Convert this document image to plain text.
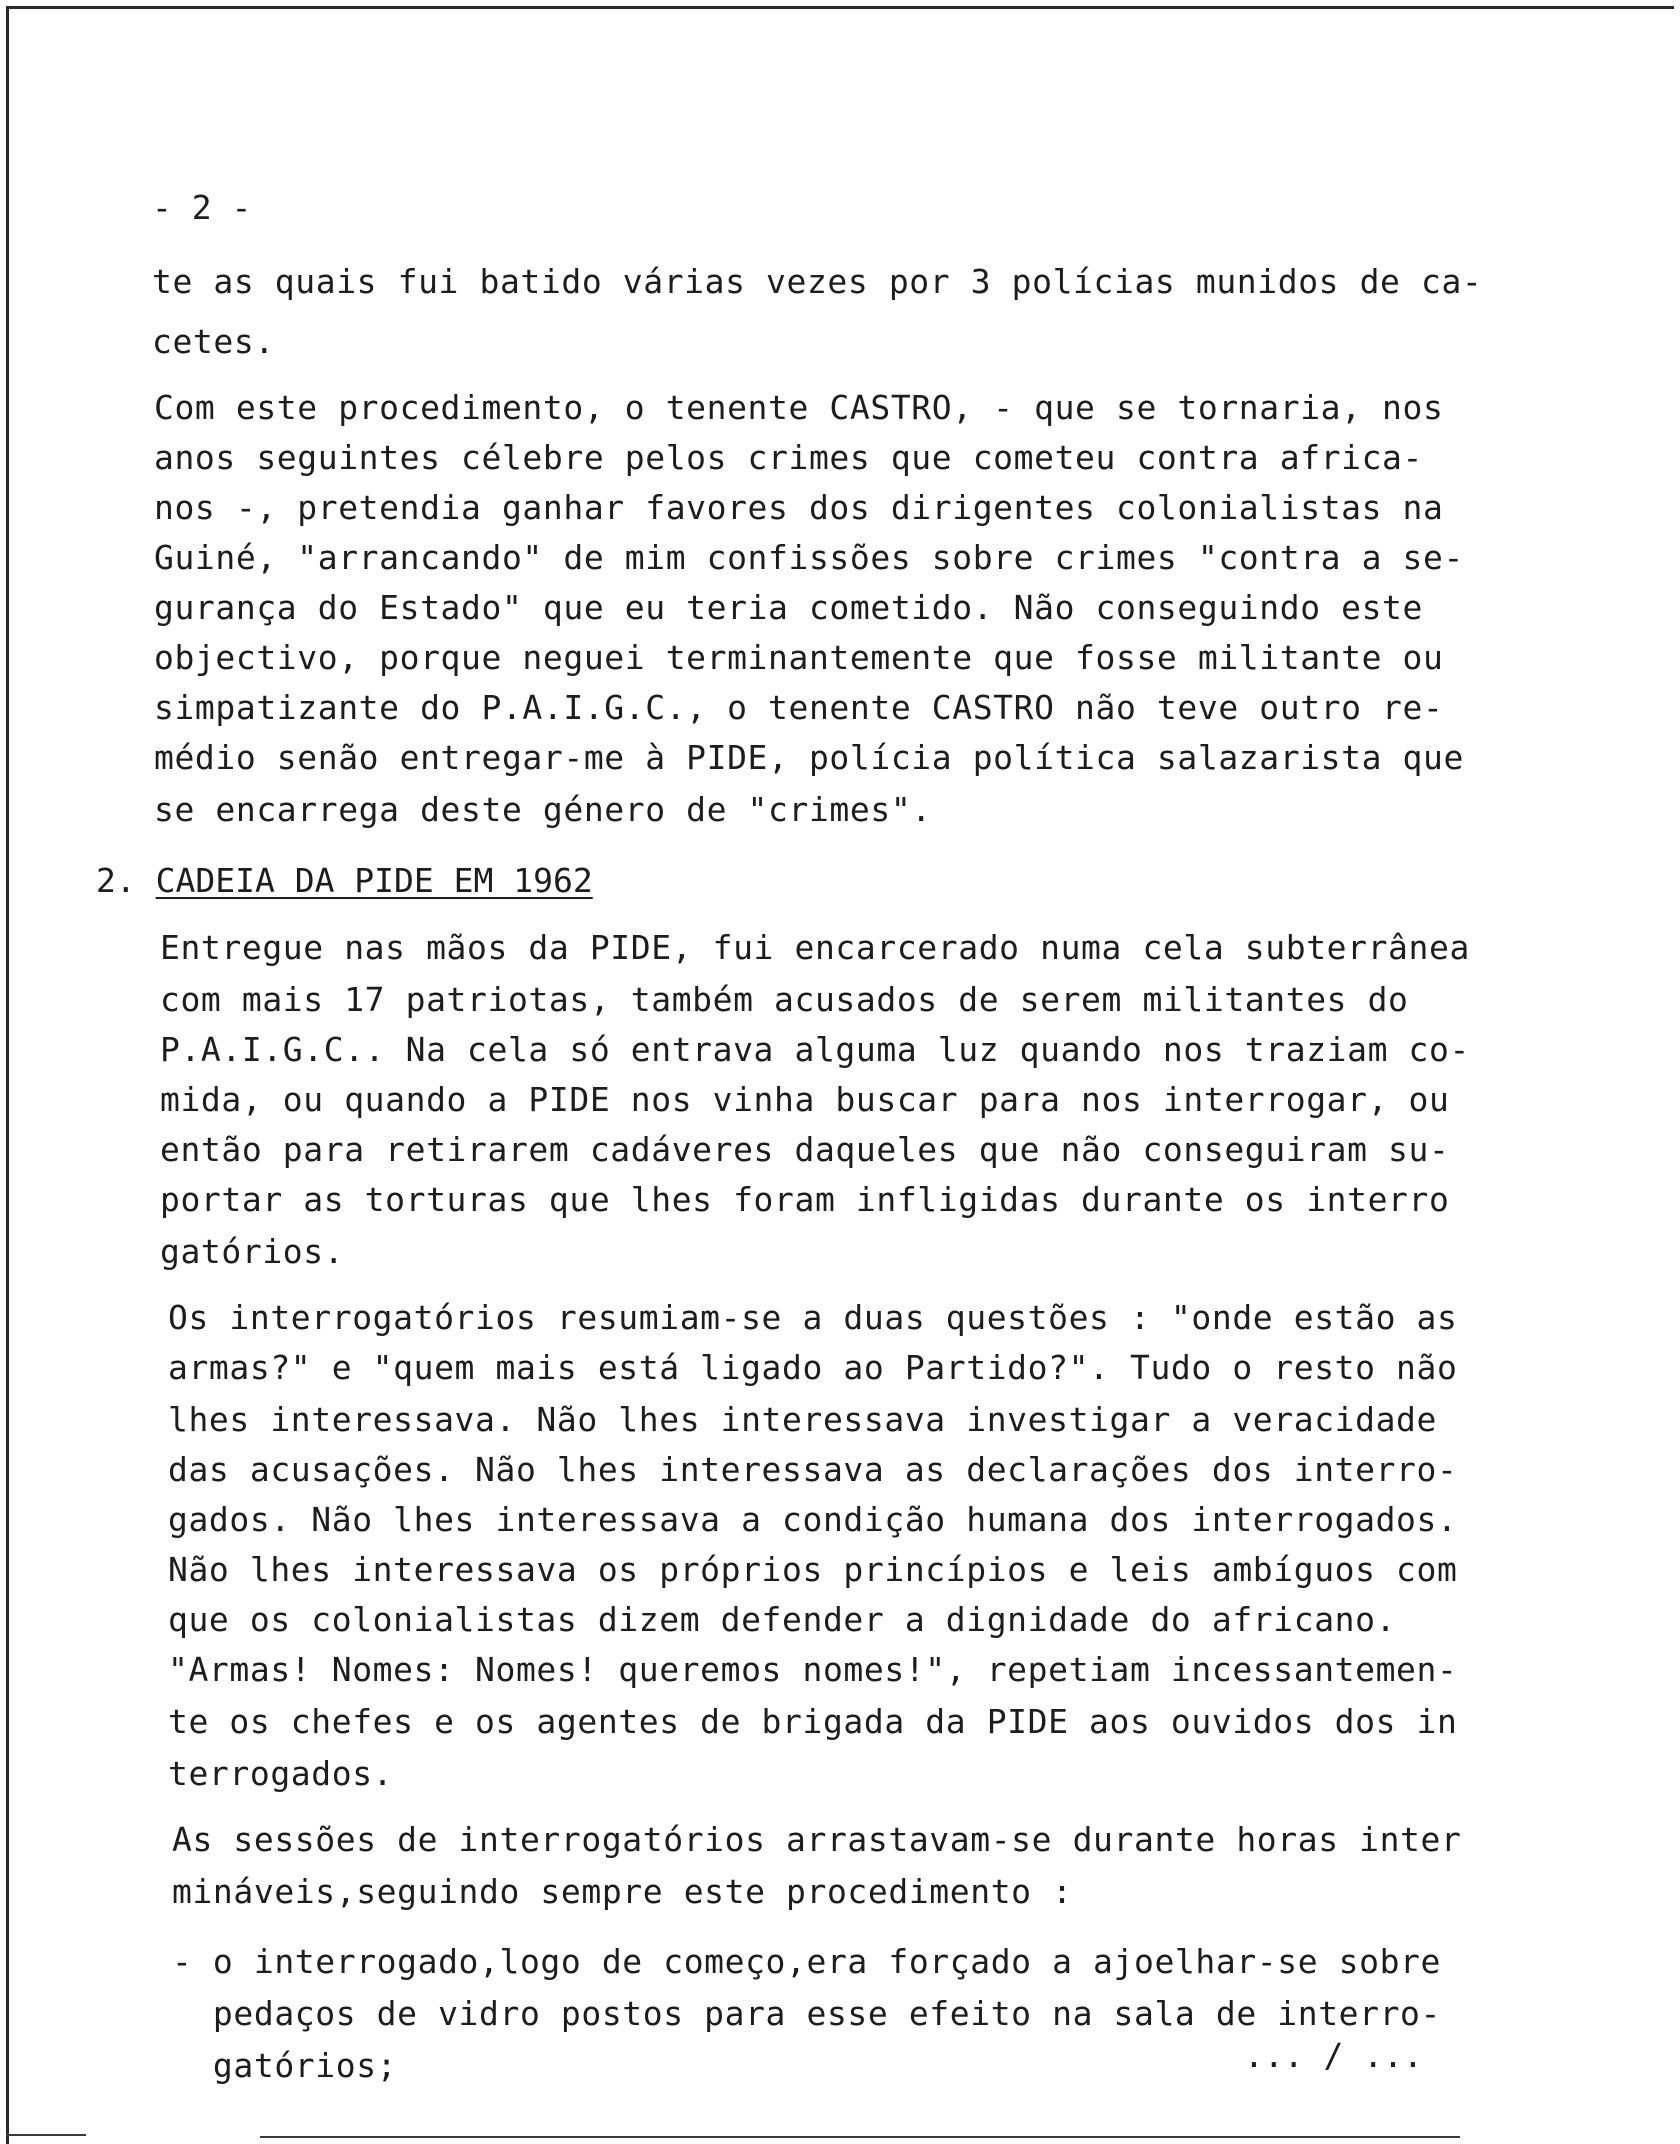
- 2 -
te as quais fui batido várias vezes por 3 polícias munidos de ca-
cetes.
Com este procedimento, o tenente CASTRO, - que se tornaria, nos
anos seguintes célebre pelos crimes que cometeu contra africa-
nos -, pretendia ganhar favores dos dirigentes colonialistas na
Guiné, "arrancando" de mim confissões sobre crimes "contra a se-
gurança do Estado" que eu teria cometido. Não conseguindo este
objectivo, porque neguei terminantemente que fosse militante ou
simpatizante do P.A.I.G.C., o tenente CASTRO não teve outro re-
médio senão entregar-me à PIDE, polícia política salazarista que
se encarrega deste género de "crimes".
2. CADEIA DA PIDE EM 1962
Entregue nas mãos da PIDE, fui encarcerado numa cela subterrânea
com mais 17 patriotas, também acusados de serem militantes do
P.A.I.G.C.. Na cela só entrava alguma luz quando nos traziam co-
mida, ou quando a PIDE nos vinha buscar para nos interrogar, ou
então para retirarem cadáveres daqueles que não conseguiram su-
portar as torturas que lhes foram infligidas durante os interro
gatórios.
Os interrogatórios resumiam-se a duas questões : "onde estão as
armas?" e "quem mais está ligado ao Partido?". Tudo o resto não
lhes interessava. Não lhes interessava investigar a veracidade
das acusações. Não lhes interessava as declarações dos interro-
gados. Não lhes interessava a condição humana dos interrogados.
Não lhes interessava os próprios princípios e leis ambíguos com
que os colonialistas dizem defender a dignidade do africano.
"Armas! Nomes: Nomes! queremos nomes!", repetiam incessantemen-
te os chefes e os agentes de brigada da PIDE aos ouvidos dos in
terrogados.
As sessões de interrogatórios arrastavam-se durante horas inter
mináveis,seguindo sempre este procedimento :
- o interrogado,logo de começo,era forçado a ajoelhar-se sobre
pedaços de vidro postos para esse efeito na sala de interro-
gatórios;	... / ...
